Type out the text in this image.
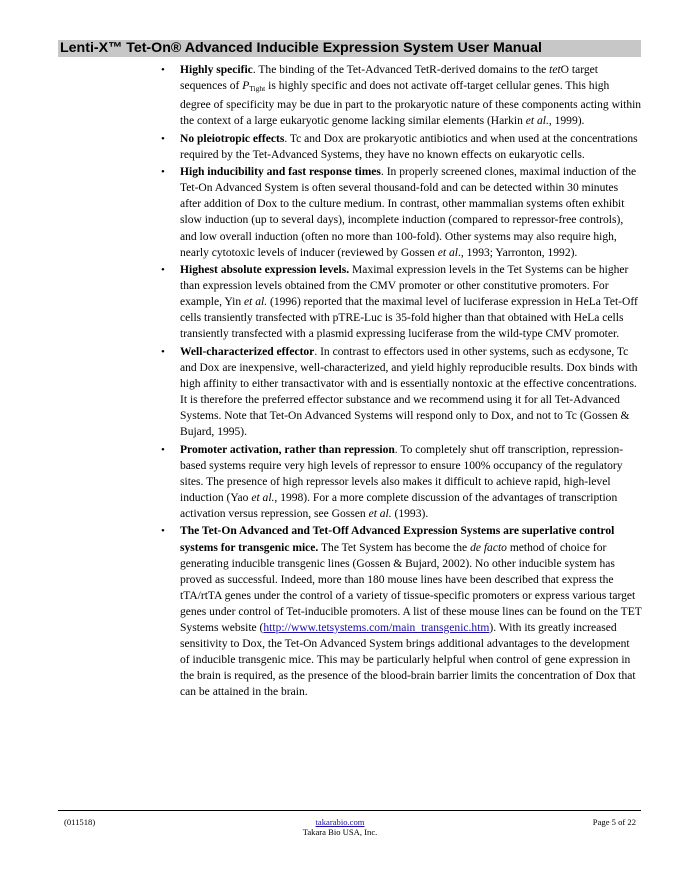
Lenti-X™ Tet-On® Advanced Inducible Expression System User Manual
• Highly specific. The binding of the Tet-Advanced TetR-derived domains to the tetO target sequences of $P_{Tight}$ is highly specific and does not activate off-target cellular genes. This high degree of specificity may be due in part to the prokaryotic nature of these components acting within the context of a large eukaryotic genome lacking similar elements (Harkin et al., 1999).
• No pleiotropic effects. Tc and Dox are prokaryotic antibiotics and when used at the concentrations required by the Tet-Advanced Systems, they have no known effects on eukaryotic cells.
• High inducibility and fast response times. In properly screened clones, maximal induction of the Tet-On Advanced System is often several thousand-fold and can be detected within 30 minutes after addition of Dox to the culture medium. In contrast, other mammalian systems often exhibit slow induction (up to several days), incomplete induction (compared to repressor-free controls), and low overall induction (often no more than 100-fold). Other systems may also require high, nearly cytotoxic levels of inducer (reviewed by Gossen et al., 1993; Yarronton, 1992).
• Highest absolute expression levels. Maximal expression levels in the Tet Systems can be higher than expression levels obtained from the CMV promoter or other constitutive promoters. For example, Yin et al. (1996) reported that the maximal level of luciferase expression in HeLa Tet-Off cells transiently transfected with pTRE-Luc is 35-fold higher than that obtained with HeLa cells transiently transfected with a plasmid expressing luciferase from the wild-type CMV promoter.
• Well-characterized effector. In contrast to effectors used in other systems, such as ecdysone, Tc and Dox are inexpensive, well-characterized, and yield highly reproducible results. Dox binds with high affinity to either transactivator with and is essentially nontoxic at the effective concentrations. It is therefore the preferred effector substance and we recommend using it for all Tet-Advanced Systems. Note that Tet-On Advanced Systems will respond only to Dox, and not to Tc (Gossen & Bujard, 1995).
• Promoter activation, rather than repression. To completely shut off transcription, repression-based systems require very high levels of repressor to ensure 100% occupancy of the regulatory sites. The presence of high repressor levels also makes it difficult to achieve rapid, high-level induction (Yao et al., 1998). For a more complete discussion of the advantages of transcription activation versus repression, see Gossen et al. (1993).
• The Tet-On Advanced and Tet-Off Advanced Expression Systems are superlative control systems for transgenic mice. The Tet System has become the de facto method of choice for generating inducible transgenic lines (Gossen & Bujard, 2002). No other inducible system has proved as successful. Indeed, more than 180 mouse lines have been described that express the tTA/rtTA genes under the control of a variety of tissue-specific promoters or express various target genes under control of Tet-inducible promoters. A list of these mouse lines can be found on the TET Systems website (http://www.tetsystems.com/main_transgenic.htm). With its greatly increased sensitivity to Dox, the Tet-On Advanced System brings additional advantages to the development of inducible transgenic mice. This may be particularly helpful when control of gene expression in the brain is required, as the presence of the blood-brain barrier limits the concentration of Dox that can be attained in the brain.
(011518)	takarabio.com
Takara Bio USA, Inc.
Page 5 of 22
